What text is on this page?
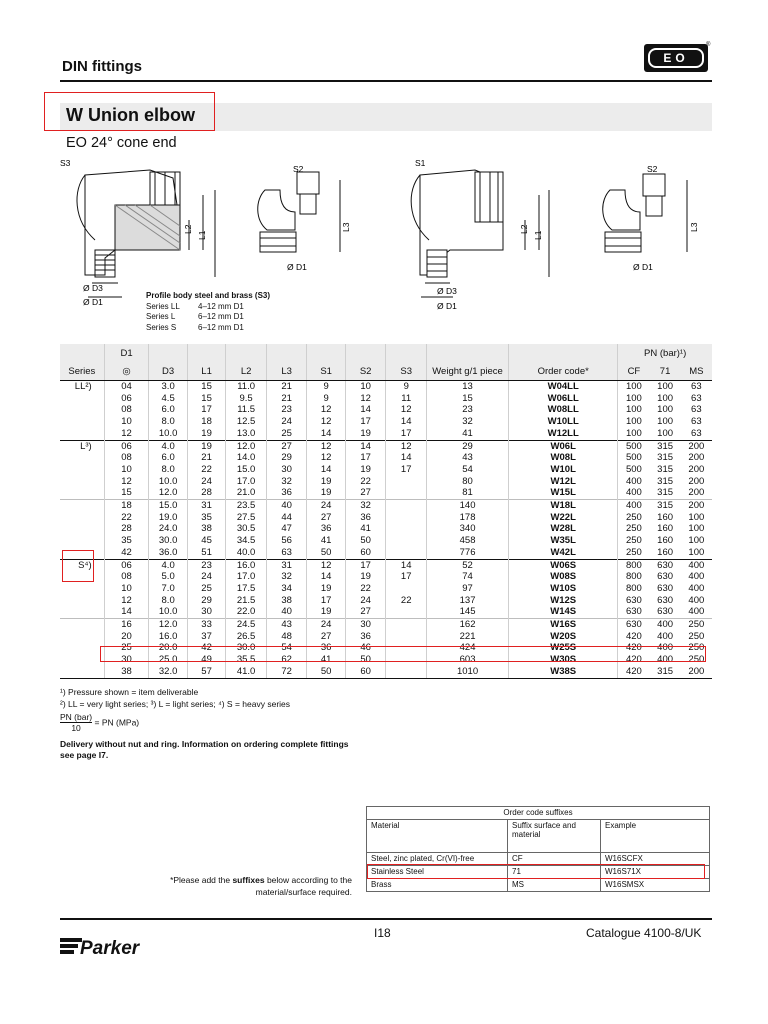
DIN fittings	EO
®
W Union elbow
EO 24° cone end
S3
L2
L1
Ø D3
Ø D1
S2
L3
Ø D1
S1
L2
L1
Ø D3
Ø D1
S2
L3
Ø D1
Profile body steel and brass (S3)
Series LL 4–12 mm D1
Series L	6–12 mm D1
Series S	6–12 mm D1
	D1										PN (bar)¹)		
Series	◎	D3	L1	L2	L3	S1	S2	S3	Weight g/1 piece	Order code*	CF	71	MS
LL²)	04	3.0	15	11.0	21	9	10	9	13	W04LL	100	100	63
	06	4.5	15	9.5	21	9	12	11	15	W06LL	100	100	63
	08	6.0	17	11.5	23	12	14	12	23	W08LL	100	100	63
	10	8.0	18	12.5	24	12	17	14	32	W10LL	100	100	63
	12	10.0	19	13.0	25	14	19	17	41	W12LL	100	100	63
L³)	06	4.0	19	12.0	27	12	14	12	29	W06L	500	315	200
	08	6.0	21	14.0	29	12	17	14	43	W08L	500	315	200
	10	8.0	22	15.0	30	14	19	17	54	W10L	500	315	200
	12	10.0	24	17.0	32	19	22		80	W12L	400	315	200
	15	12.0	28	21.0	36	19	27		81	W15L	400	315	200
	18	15.0	31	23.5	40	24	32		140	W18L	400	315	200
	22	19.0	35	27.5	44	27	36		178	W22L	250	160	100
	28	24.0	38	30.5	47	36	41		340	W28L	250	160	100
	35	30.0	45	34.5	56	41	50		458	W35L	250	160	100
	42	36.0	51	40.0	63	50	60		776	W42L	250	160	100
S⁴)	06	4.0	23	16.0	31	12	17	14	52	W06S	800	630	400
	08	5.0	24	17.0	32	14	19	17	74	W08S	800	630	400
	10	7.0	25	17.5	34	19	22		97	W10S	800	630	400
	12	8.0	29	21.5	38	17	24	22	137	W12S	630	630	400
	14	10.0	30	22.0	40	19	27		145	W14S	630	630	400
	16	12.0	33	24.5	43	24	30		162	W16S	630	400	250
	20	16.0	37	26.5	48	27	36		221	W20S	420	400	250
	25	20.0	42	30.0	54	36	46		424	W25S	420	400	250
	30	25.0	49	35.5	62	41	50		603	W30S	420	400	250
	38	32.0	57	41.0	72	50	60		1010	W38S	420	315	200
¹) Pressure shown = item deliverable
²) LL = very light series; ³) L = light series; ⁴) S = heavy series
PN (bar)
10
= PN (MPa)
Delivery without nut and ring. Information on ordering complete fittings see page I7.
Order code suffixes		
Material	Suffix surface and material	Example
Steel, zinc plated, Cr(VI)-free	CF	W16SCFX
Stainless Steel	71	W16S71X
Brass	MS	W16SMSX
*Please add the suffixes below according to the material/surface required.
I18	Catalogue 4100-8/UK
Parker
